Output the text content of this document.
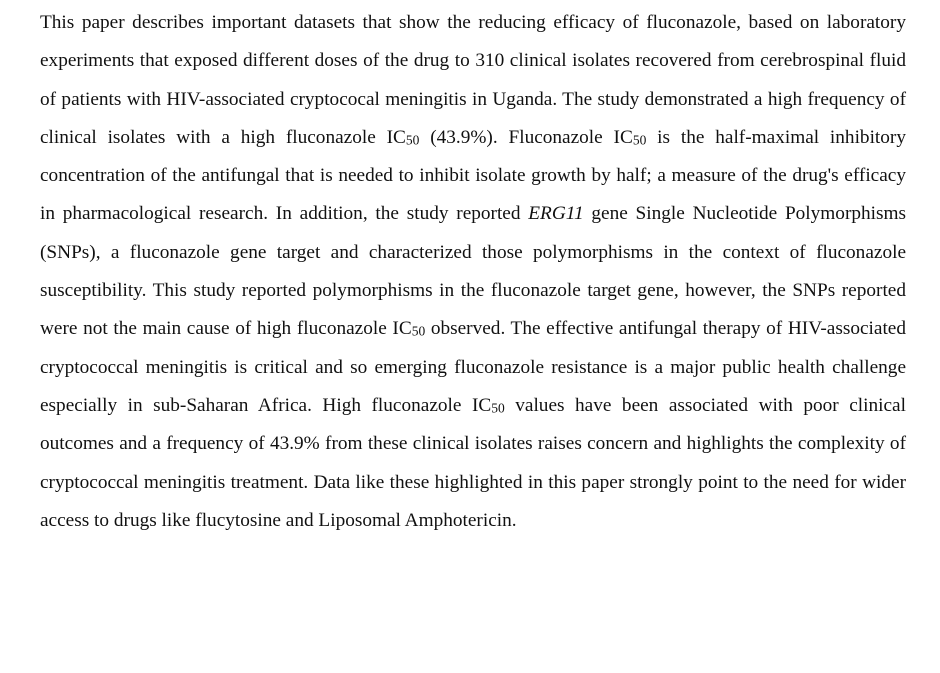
This paper describes important datasets that show the reducing efficacy of fluconazole, based on laboratory experiments that exposed different doses of the drug to 310 clinical isolates recovered from cerebrospinal fluid of patients with HIV-associated cryptococal meningitis in Uganda. The study demonstrated a high frequency of clinical isolates with a high fluconazole IC50 (43.9%). Fluconazole IC50 is the half-maximal inhibitory concentration of the antifungal that is needed to inhibit isolate growth by half; a measure of the drug's efficacy in pharmacological research. In addition, the study reported ERG11 gene Single Nucleotide Polymorphisms (SNPs), a fluconazole gene target and characterized those polymorphisms in the context of fluconazole susceptibility. This study reported polymorphisms in the fluconazole target gene, however, the SNPs reported were not the main cause of high fluconazole IC50 observed. The effective antifungal therapy of HIV-associated cryptococcal meningitis is critical and so emerging fluconazole resistance is a major public health challenge especially in sub-Saharan Africa. High fluconazole IC50 values have been associated with poor clinical outcomes and a frequency of 43.9% from these clinical isolates raises concern and highlights the complexity of cryptococcal meningitis treatment. Data like these highlighted in this paper strongly point to the need for wider access to drugs like flucytosine and Liposomal Amphotericin.
